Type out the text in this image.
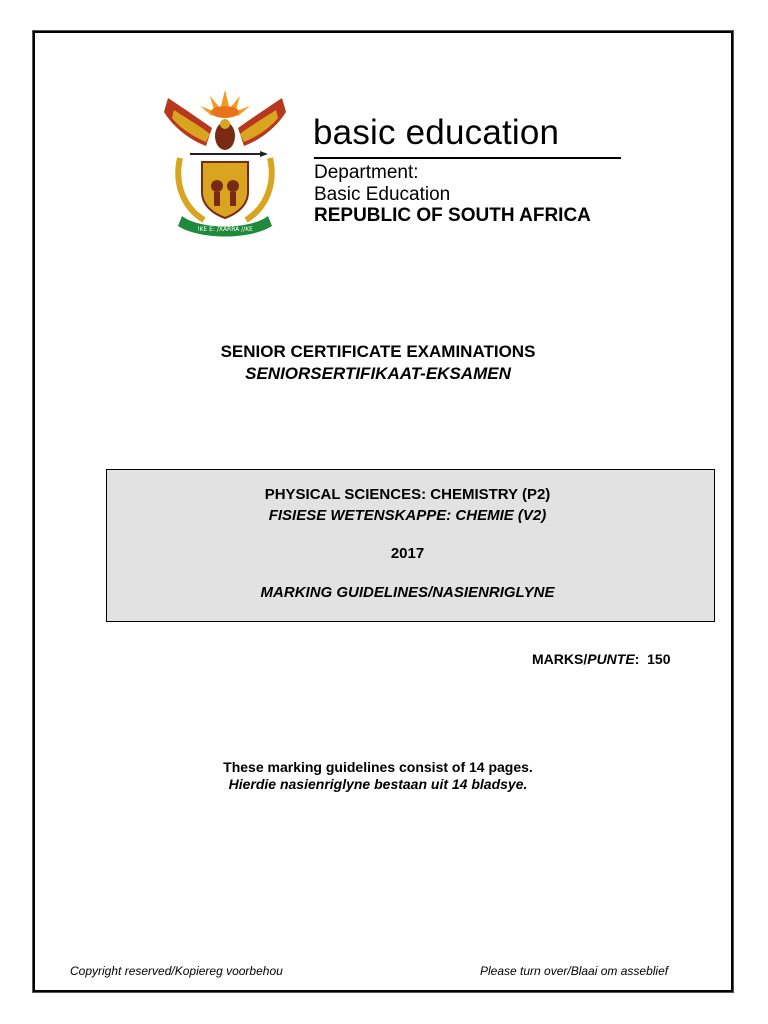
!KE E: /XARRA //KE
basic education
Department:
Basic Education
REPUBLIC OF SOUTH AFRICA
SENIOR CERTIFICATE EXAMINATIONS
SENIORSERTIFIKAAT-EKSAMEN
PHYSICAL SCIENCES: CHEMISTRY (P2)
FISIESE WETENSKAPPE: CHEMIE (V2)
2017
MARKING GUIDELINES/NASIENRIGLYNE
MARKS/PUNTE: 150
These marking guidelines consist of 14 pages.
Hierdie nasienriglyne bestaan uit 14 bladsye.
Copyright reserved/Kopiereg voorbehou	Please turn over/Blaai om asseblief
